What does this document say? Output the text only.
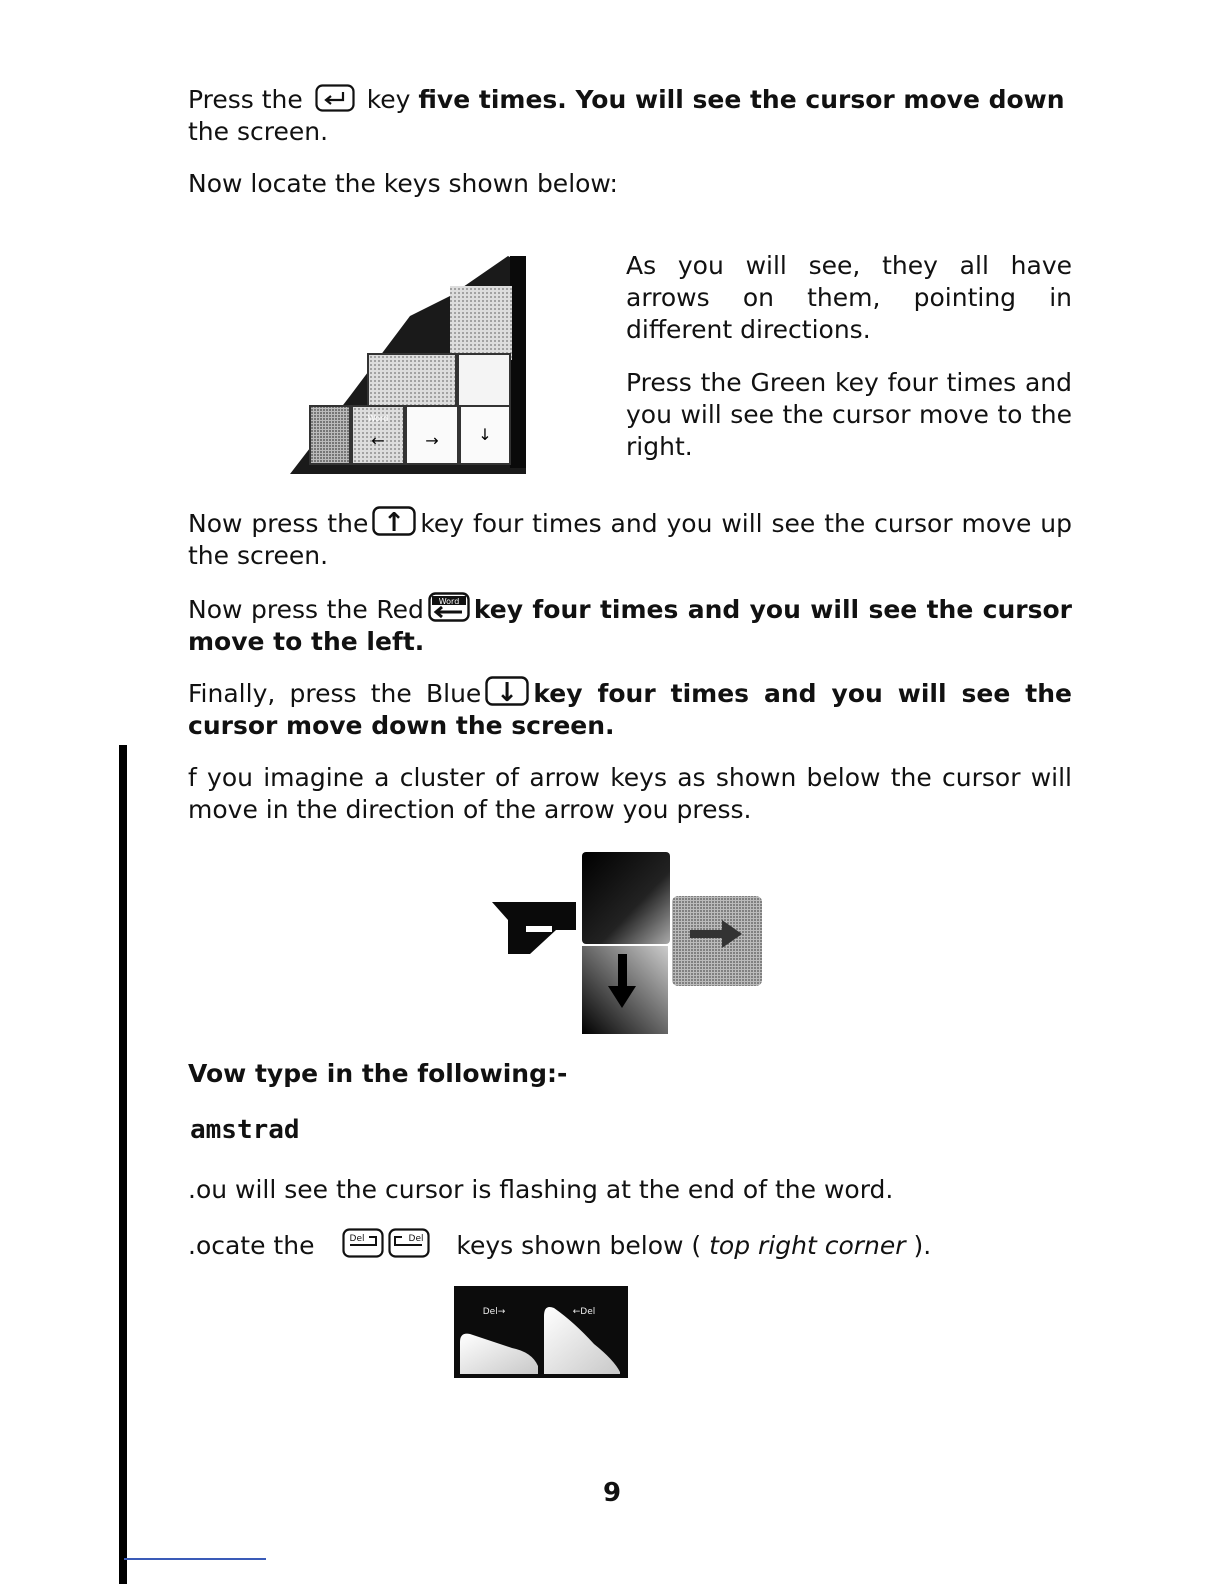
Press the	key five times. You will see the cursor move down
the screen.

Now locate the keys shown below:

Word
←	→ ↓

As you will see, they all have arrows on them, pointing in different directions.

Press the Green key four times and you will see the cursor move to the right.

Now press the ↑ key four times and you will see the cursor move up the screen.

Now press the Red Word key four times and you will see the cursor move to the left.

Finally, press the Blue ↓ key four times and you will see the cursor move down the screen.

f you imagine a cluster of arrow keys as shown below the cursor will move in the direction of the arrow you press.

Vow type in the following:-

amstrad

.ou will see the cursor is flashing at the end of the word.

.ocate the	Del	Del keys shown below ( top right corner ).

Del→	←Del
9
